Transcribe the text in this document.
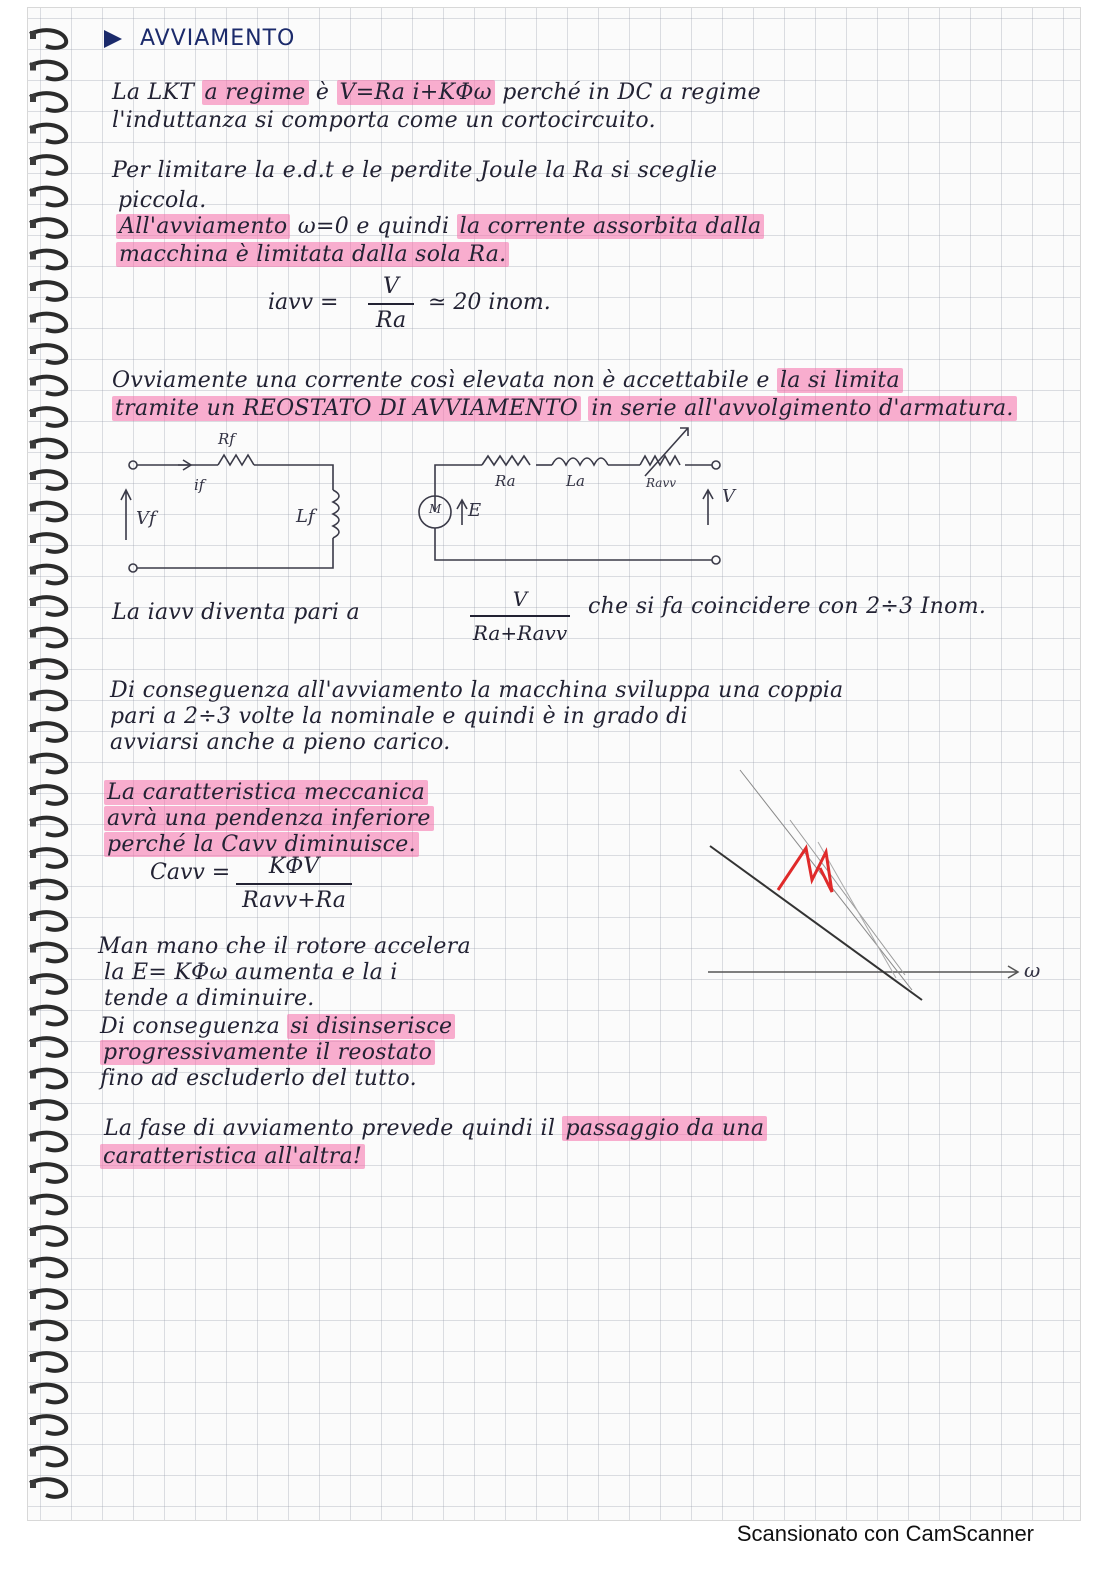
AVVIAMENTO
La LKT a regime è V=Ra i+KΦω perché in DC a regime
l'induttanza si comporta come un cortocircuito.
Per limitare la e.d.t e le perdite Joule la Ra si sceglie
piccola.
All'avviamento ω=0 e quindi la corrente assorbita dalla
macchina è limitata dalla sola Ra.
iavv =
V
Ra
≃ 20 inom.
Ovviamente una corrente così elevata non è accettabile e la si limita
tramite un REOSTATO DI AVVIAMENTO in serie all'avvolgimento d'armatura.
Rf
if
Vf	Lf	M E
Ra	La	Ravv
V
La iavv diventa pari a
V
Ra+Ravv
che si fa coincidere con 2÷3 Inom.
Di conseguenza all'avviamento la macchina sviluppa una coppia
pari a 2÷3 volte la nominale e quindi è in grado di
avviarsi anche a pieno carico.
La caratteristica meccanica
avrà una pendenza inferiore
perché la Cavv diminuisce.
Cavv =	KΦV
Ravv+Ra
Man mano che il rotore accelera
la E= KΦω aumenta e la i
tende a diminuire.
Di conseguenza si disinserisce
progressivamente il reostato
fino ad escluderlo del tutto.
ω
La fase di avviamento prevede quindi il passaggio da una
caratteristica all'altra!
Scansionato con CamScanner
